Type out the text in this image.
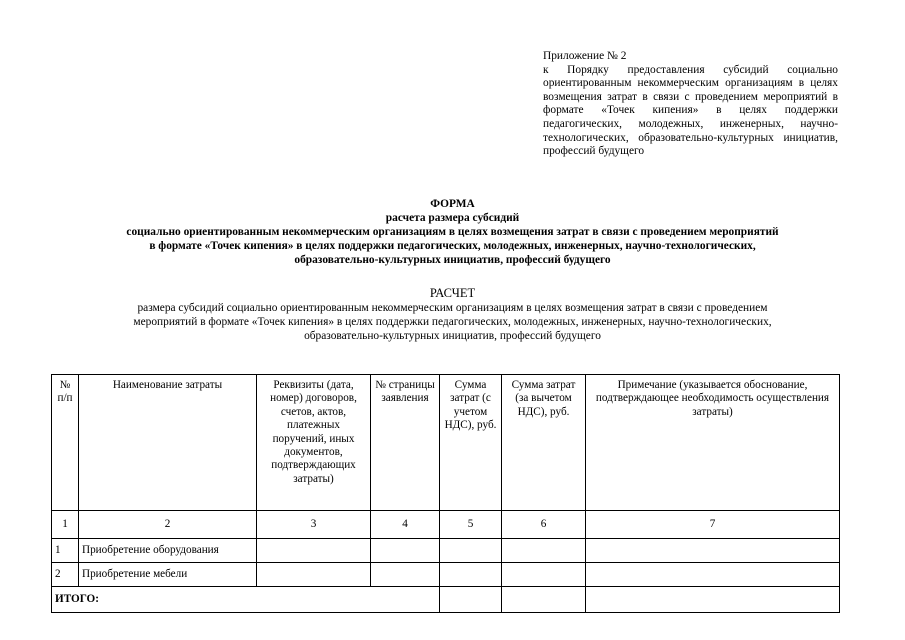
Приложение № 2
к Порядку предоставления субсидий социально ориентированным некоммерческим организациям в целях возмещения затрат в связи с проведением мероприятий в формате «Точек кипения» в целях поддержки педагогических, молодежных, инженерных, научно-технологических, образовательно-культурных инициатив, профессий будущего
ФОРМА
расчета размера субсидий
социально ориентированным некоммерческим организациям в целях возмещения затрат в связи с проведением мероприятий
в формате «Точек кипения» в целях поддержки педагогических, молодежных, инженерных, научно-технологических,
образовательно-культурных инициатив, профессий будущего
РАСЧЕТ
размера субсидий социально ориентированным некоммерческим организациям в целях возмещения затрат в связи с проведением
мероприятий в формате «Точек кипения» в целях поддержки педагогических, молодежных, инженерных, научно-технологических,
образовательно-культурных инициатив, профессий будущего
№ п/п	Наименование затраты	Реквизиты (дата, номер) договоров, счетов, актов, платежных поручений, иных документов, подтверждающих затраты)	№ страницы заявления	Сумма затрат (с учетом НДС), руб.	Сумма затрат (за вычетом НДС), руб.	Примечание (указывается обоснование, подтверждающее необходимость осуществления затраты)
1	2	3	4	5	6	7
1	Приобретение оборудования					
2	Приобретение мебели					
ИТОГО:						
